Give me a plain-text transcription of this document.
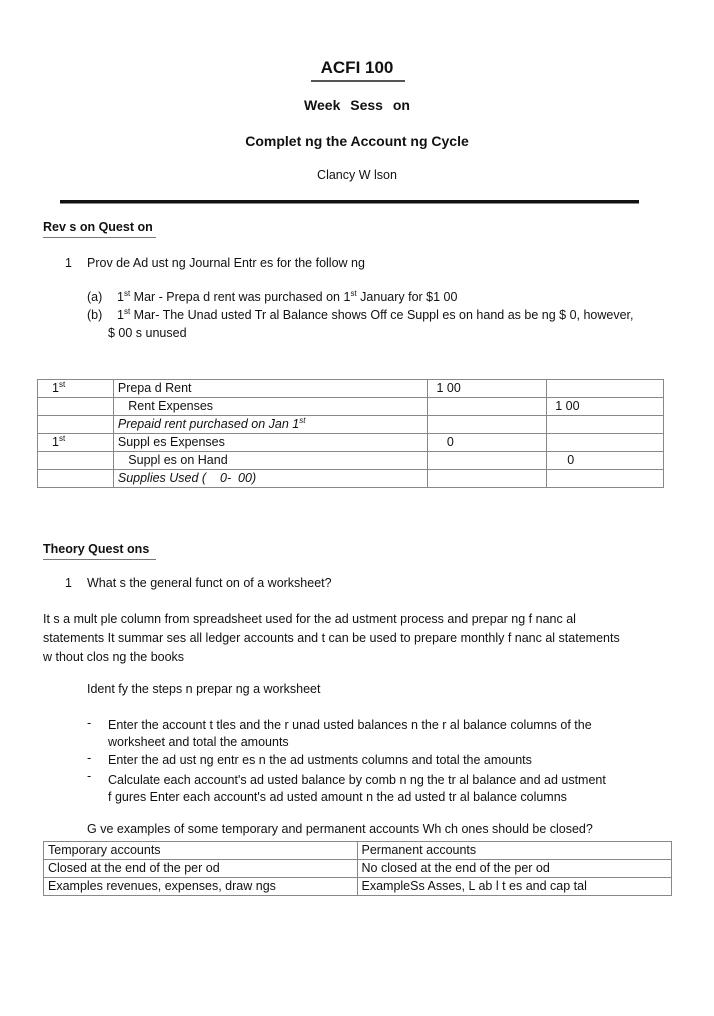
ACFI 100
Week Sess on
Complet ng the Account ng Cycle
Clancy W lson
Rev s on Quest on
1 Prov de Ad ust ng Journal Entr es for the follow ng
(a) 1st Mar - Prepa d rent was purchased on 1st January for $1 00
(b) 1st Mar- The Unad usted Tr al Balance shows Off ce Suppl es on hand as be ng $ 0, however,
$ 00 s unused
1st	Prepa d Rent	1 00	
	Rent Expenses		1 00
	Prepaid rent purchased on Jan 1st		
1st	Suppl es Expenses	0	
	Suppl es on Hand		0
	Supplies Used (    0-  00)		
Theory Quest ons
1 What s the general funct on of a worksheet?
It s a mult ple column from spreadsheet used for the ad ustment process and prepar ng f nanc al
statements It summar ses all ledger accounts and t can be used to prepare monthly f nanc al statements
w thout clos ng the books
Ident fy the steps n prepar ng a worksheet
- Enter the account t tles and the r unad usted balances n the r al balance columns of the
worksheet and total the amounts
- Enter the ad ust ng entr es n the ad ustments columns and total the amounts
- Calculate each account's ad usted balance by comb n ng the tr al balance and ad ustment
f gures Enter each account's ad usted amount n the ad usted tr al balance columns
G ve examples of some temporary and permanent accounts Wh ch ones should be closed?
Temporary accounts	Permanent accounts
Closed at the end of the per od	No closed at the end of the per od
Examples revenues, expenses, draw ngs	ExampleSs Asses, L ab l t es and cap tal
